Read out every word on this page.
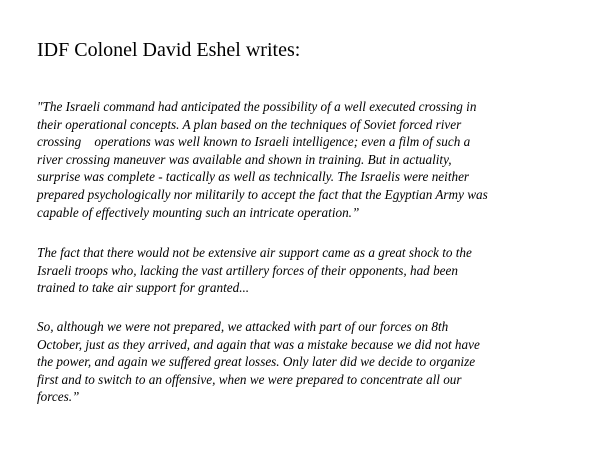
IDF Colonel David Eshel writes:

"The Israeli command had anticipated the possibility of a well executed crossing in
their operational concepts. A plan based on the techniques of Soviet forced river
crossing    operations was well known to Israeli intelligence; even a film of such a
river crossing maneuver was available and shown in training. But in actuality,
surprise was complete - tactically as well as technically. The Israelis were neither
prepared psychologically nor militarily to accept the fact that the Egyptian Army was
capable of effectively mounting such an intricate operation.”

The fact that there would not be extensive air support came as a great shock to the
Israeli troops who, lacking the vast artillery forces of their opponents, had been
trained to take air support for granted...

So, although we were not prepared, we attacked with part of our forces on 8th
October, just as they arrived, and again that was a mistake because we did not have
the power, and again we suffered great losses. Only later did we decide to organize
first and to switch to an offensive, when we were prepared to concentrate all our
forces.”
